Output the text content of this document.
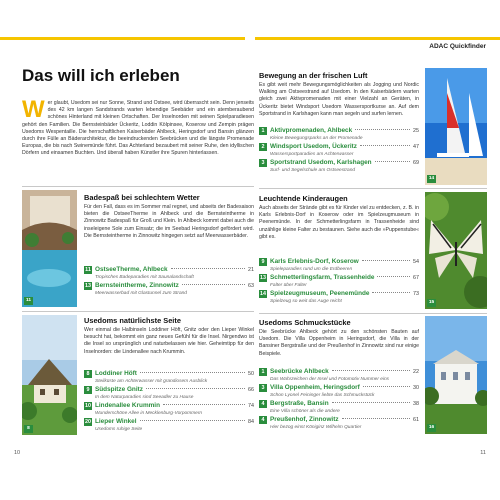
ADAC Quickfinder
Das will ich erleben
Wer glaubt, Usedom sei nur Sonne, Strand und Ostsee, wird überrascht sein. Denn jenseits des 42 km langen Sandstrands warten lebendige Seebäder und ein atemberaubend schönes Hinterland mit kleinen Ortschaften. Der Inselnorden mit seinen Spielparadiesen gehört den Familien. Die Bernsteinbäder Ückeritz, Loddin Kölpinsee, Koserow und Zempin prägen Usedoms Wespentaille. Die herrschaftlichen Kaiserbäder Ahlbeck, Heringsdorf und Bansin glänzen durch ihre Fülle an Bäderarchitektur, die beeindruckenden Seebrücken und die längste Promenade Europas, die bis nach Swinemünde führt. Das Achterland bezaubert mit seiner Ruhe, den idyllischen Dörfern und einsamen Buchten. Und überall haben Künstler ihre Spuren hinterlassen.
11
Badespaß bei schlechtem Wetter
Für den Fall, dass es im Sommer mal regnet, und abseits der Badesaison bieten die OstseeTherme in Ahlbeck und die Bernsteintherme in Zinnowitz Badespaß für Groß und Klein. In Ahlbeck kommt dabei auch die inseleigene Sole zum Einsatz; die im Seebad Heringsdorf gefördert wird. Die Bernsteintherme in Zinnowitz hingegen setzt auf Meerwasserbäder.
11 OstseeTherme, Ahlbeck	21
Tropisches Badeparadies mit Saunalandschaft
13 Bernsteintherme, Zinnowitz	63
Meerwasserbad mit Glastunnel zum Strand
8
Usedoms natürlichste Seite
Wer einmal die Halbinseln Loddiner Höft, Gnitz oder den Lieper Winkel besucht hat, bekommt ein ganz neues Gefühl für die Insel. Nirgendwo ist die Insel so ursprünglich und naturbelassen wie hier. Geheimtipp für den Inselnorden: die Lindenallee nach Krummin.
8 Loddiner Höft	50
Steilküste am Achterwasser mit grandiosem Ausblick
9 Südspitze Gnitz	66
In dem Naturparadies sind Seeadler zu Hause
10 Lindenallee Krummin	74
Wunderschöne Allee in Mecklenburg-Vorpommern
20 Lieper Winkel	84
Usedoms ruhige Seite
Bewegung an der frischen Luft
Es gibt weit mehr Bewegungsmöglichkeiten als Jogging und Nordic Walking am Ostseestrand auf Usedom. In den Kaiserbädern warten gleich zwei Aktivpromenaden mit einer Vielzahl an Geräten, in Ückeritz bietet Windsport Usedom Wassersportkurse an. Auf dem Sportstrand in Karlshagen kann man segeln und surfen lernen.
14
1 Aktivpromenaden, Ahlbeck	25
Kleine Bewegungsparks an der Promenade
2 Windsport Usedom, Ückeritz	47
Wassersportparadies am Achterwasser
3 Sportstrand Usedom, Karlshagen	69
Surf- und Segelschule am Ostseestrand
Leuchtende Kinderaugen
Auch abseits der Strände gibt es für Kinder viel zu entdecken, z. B. in Karls Erlebnis-Dorf in Koserow oder im Spielzeugmuseum in Peenemünde. In der Schmetterlingsfarm in Trassenheide sind unzählige kleine Falter zu bestaunen. Siehe auch die »Puppenstube« gibt es.
15
9 Karls Erlebnis-Dorf, Koserow	54
Spieleparadies rund um die Erdbeeren
13 Schmetterlingsfarm, Trassenheide	67
Falter über Falter
14 Spielzeugmuseum, Peenemünde	73
Spielzeug so weit das Auge reicht
Usedoms Schmuckstücke
Die Seebrücke Ahlbeck gehört zu den schönsten Bauten auf Usedom. Die Villa Oppenheim in Heringsdorf, die Villa in der Bansiner Bergstraße und der Preußenhof in Zinnowitz sind nur einige Beispiele.
16
1 Seebrücke Ahlbeck	22
Das Wahrzeichen der Insel und Fotomotiv Nummer eins
3 Villa Oppenheim, Heringsdorf	30
Schon Lyonel Feininger liebte das Schmuckstück
4 Bergstraße, Bansin	38
Eine Villa schöner als die andere
4 Preußenhof, Zinnowitz	61
Hier bezog einst Königinz Wilhelm Quartier
10	11
